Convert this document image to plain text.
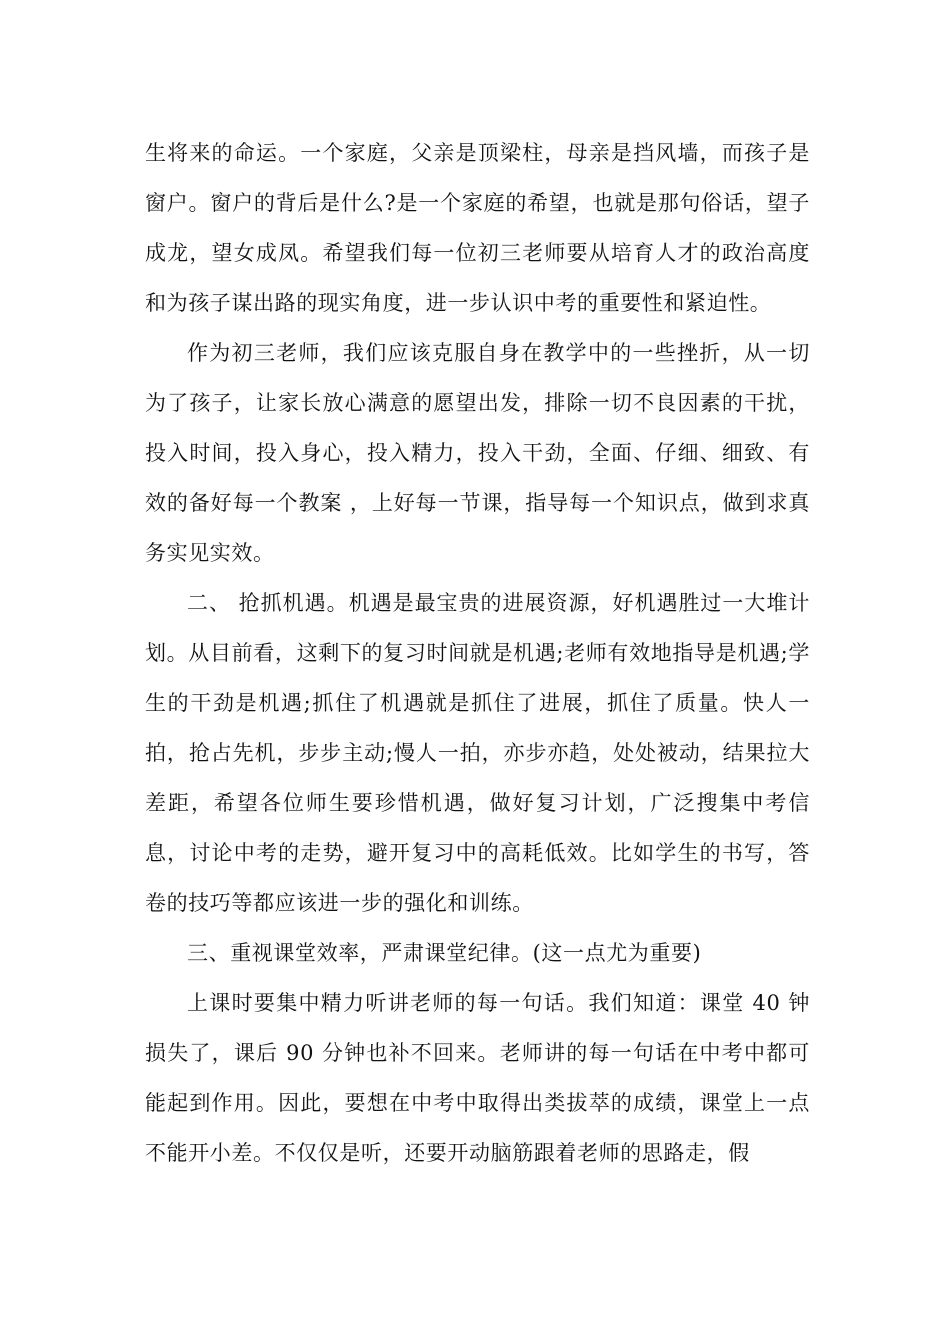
生将来的命运。一个家庭，父亲是顶梁柱，母亲是挡风墙，而孩子是窗户。窗户的背后是什么?是一个家庭的希望，也就是那句俗话，望子成龙，望女成凤。希望我们每一位初三老师要从培育人才的政治高度和为孩子谋出路的现实角度，进一步认识中考的重要性和紧迫性。

作为初三老师，我们应该克服自身在教学中的一些挫折，从一切为了孩子，让家长放心满意的愿望出发，排除一切不良因素的干扰，投入时间，投入身心，投入精力，投入干劲，全面、仔细、细致、有效的备好每一个教案 ，上好每一节课，指导每一个知识点，做到求真务实见实效。

二、 抢抓机遇。机遇是最宝贵的进展资源，好机遇胜过一大堆计划。从目前看，这剩下的复习时间就是机遇;老师有效地指导是机遇;学生的干劲是机遇;抓住了机遇就是抓住了进展，抓住了质量。快人一拍，抢占先机，步步主动;慢人一拍，亦步亦趋，处处被动，结果拉大差距，希望各位师生要珍惜机遇，做好复习计划，广泛搜集中考信息，讨论中考的走势，避开复习中的高耗低效。比如学生的书写，答卷的技巧等都应该进一步的强化和训练。

三、重视课堂效率，严肃课堂纪律。(这一点尤为重要)

上课时要集中精力听讲老师的每一句话。我们知道：课堂 40 钟损失了，课后 90 分钟也补不回来。老师讲的每一句话在中考中都可能起到作用。因此，要想在中考中取得出类拔萃的成绩，课堂上一点不能开小差。不仅仅是听，还要开动脑筋跟着老师的思路走，假
